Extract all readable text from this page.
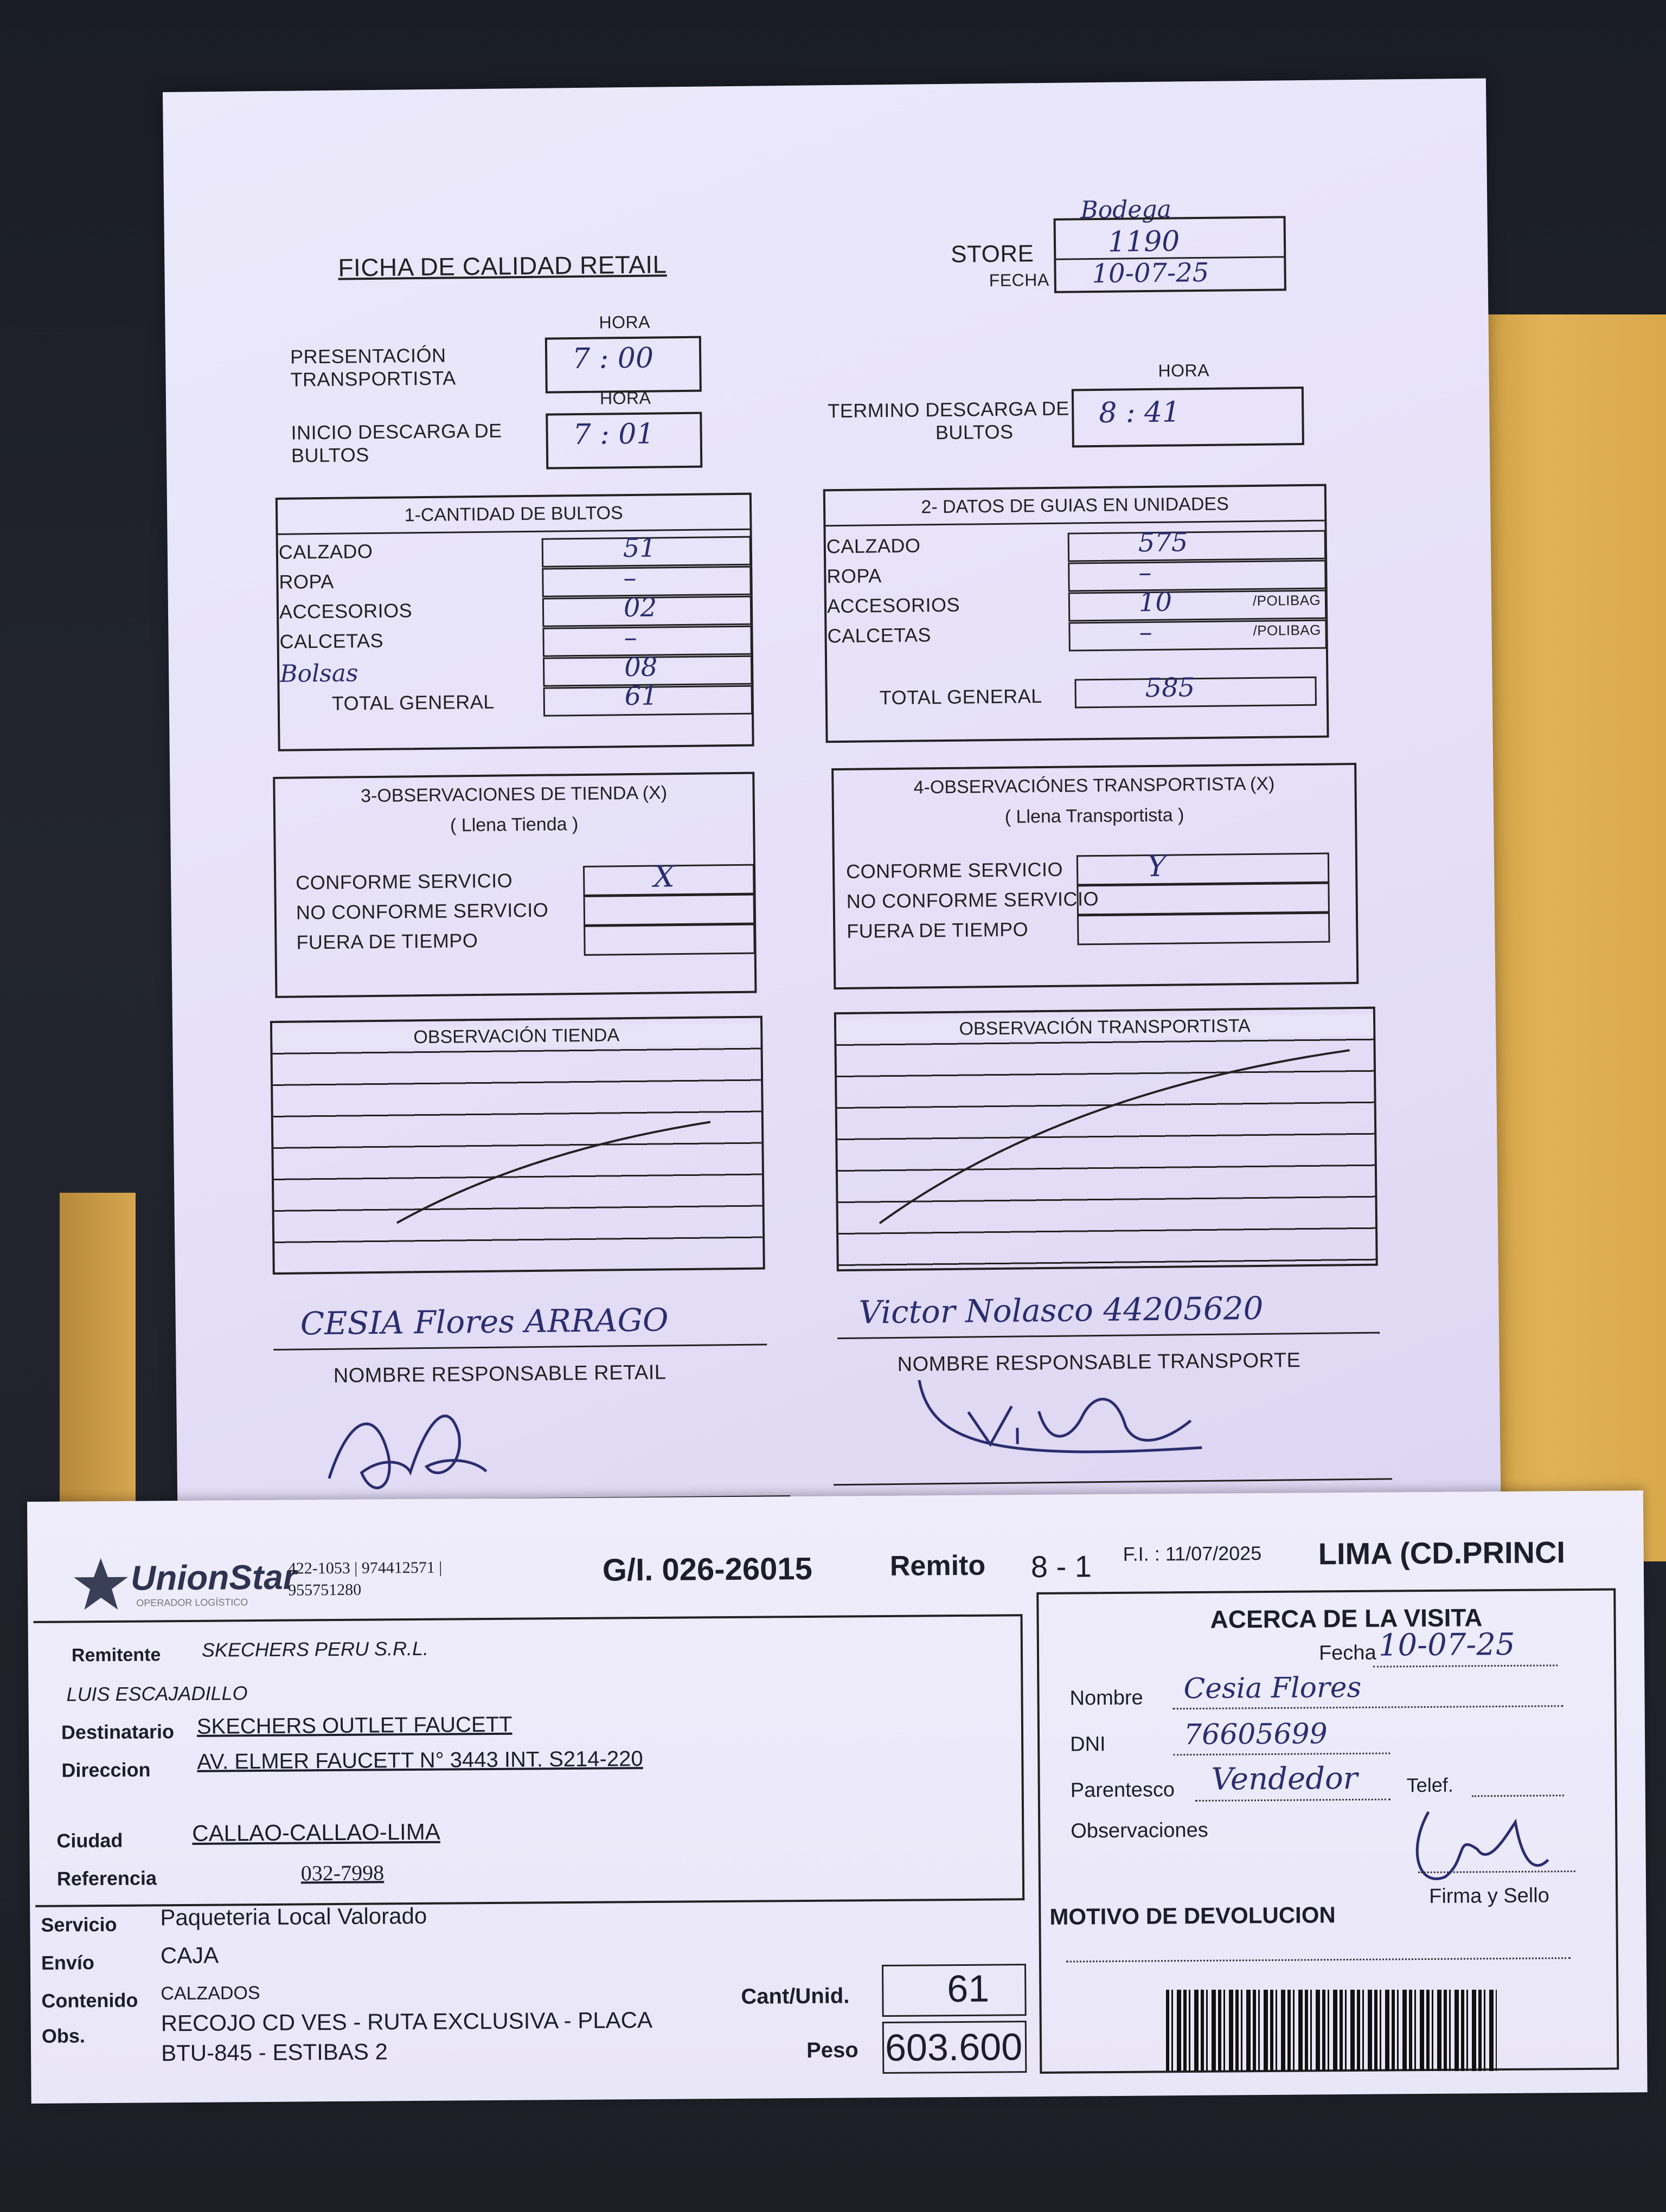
FICHA DE CALIDAD RETAIL
Bodega
STORE	1190
FECHA 10-07-25
HORA
PRESENTACIÓN
TRANSPORTISTA
7 : 00
HORA
INICIO DESCARGA DE
BULTOS
7 : 01
HORA
TERMINO DESCARGA DE
BULTOS
8 : 41
1-CANTIDAD DE BULTOS	2- DATOS DE GUIAS EN UNIDADES
3-OBSERVACIONES DE TIENDA (X)
( Llena Tienda )
4-OBSERVACIÓNES TRANSPORTISTA (X)
( Llena Transportista )
OBSERVACIÓN TIENDA	OBSERVACIÓN TRANSPORTISTA
CESIA Flores ARRAGO
NOMBRE RESPONSABLE RETAIL
Victor Nolasco 44205620
NOMBRE RESPONSABLE TRANSPORTE
CALZADO	51
ROPA	–
ACCESORIOS	02
CALCETAS	–
Bolsas	08
TOTAL GENERAL	61
CALZADO	575
ROPA	–
ACCESORIOS	10	/POLIBAG
CALCETAS	–	/POLIBAG
TOTAL GENERAL	585
CONFORME SERVICIO	X
NO CONFORME SERVICIO
FUERA DE TIEMPO
CONFORME SERVICIO	Y
NO CONFORME SERVICIO
FUERA DE TIEMPO
UnionStar
OPERADOR LOGÍSTICO
422-1053 | 974412571 |
955751280
G/I. 026-26015	Remito 8 - 1 F.I. : 11/07/2025 LIMA (CD.PRINCI
Remitente SKECHERS PERU S.R.L.
LUIS ESCAJADILLO
Destinatario SKECHERS OUTLET FAUCETT
Direccion AV. ELMER FAUCETT N° 3443 INT. S214-220
Ciudad	CALLAO-CALLAO-LIMA
Referencia	032-7998
Servicio Paqueteria Local Valorado
Envío	CAJA
Contenido CALZADOS
Obs.	RECOJO CD VES - RUTA EXCLUSIVA - PLACA
BTU-845 - ESTIBAS 2
Cant/Unid.	61
Peso 603.600
ACERCA DE LA VISITA
Fecha 10-07-25
Nombre Cesia Flores
DNI	76605699
Parentesco Vendedor Telef.
Observaciones
Firma y Sello
MOTIVO DE DEVOLUCION
